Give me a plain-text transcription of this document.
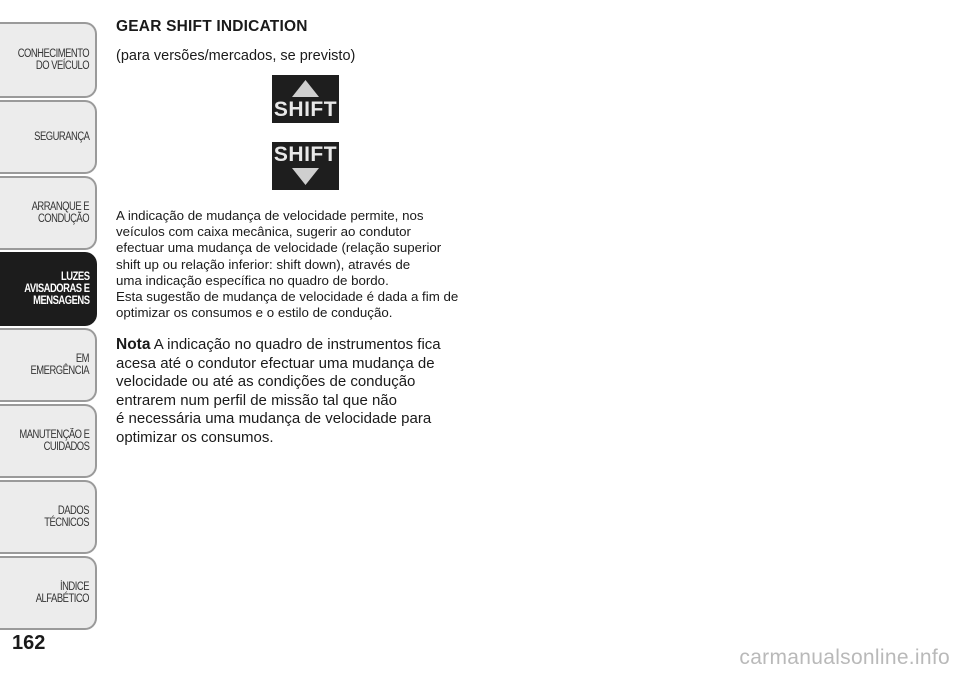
CONHECIMENTO
DO VEÍCULO
SEGURANÇA
ARRANQUE E
CONDUÇÃO
LUZES
AVISADORAS E
MENSAGENS
EM EMERGÊNCIA
MANUTENÇÃO E
CUIDADOS
DADOS TÉCNICOS
ÍNDICE ALFABÉTICO
162
GEAR SHIFT INDICATION
(para versões/mercados, se previsto)
SHIFT
SHIFT

A indicação de mudança de velocidade permite, nos

veículos com caixa mecânica, sugerir ao condutor

efectuar uma mudança de velocidade (relação superior

shift up ou relação inferior: shift down), através de

uma indicação específica no quadro de bordo.

Esta sugestão de mudança de velocidade é dada a fim de

optimizar os consumos e o estilo de condução.

Nota A indicação no quadro de instrumentos fica

acesa até o condutor efectuar uma mudança de

velocidade ou até as condições de condução

entrarem num perfil de missão tal que não

é necessária uma mudança de velocidade para

optimizar os consumos.

carmanualsonline.info
